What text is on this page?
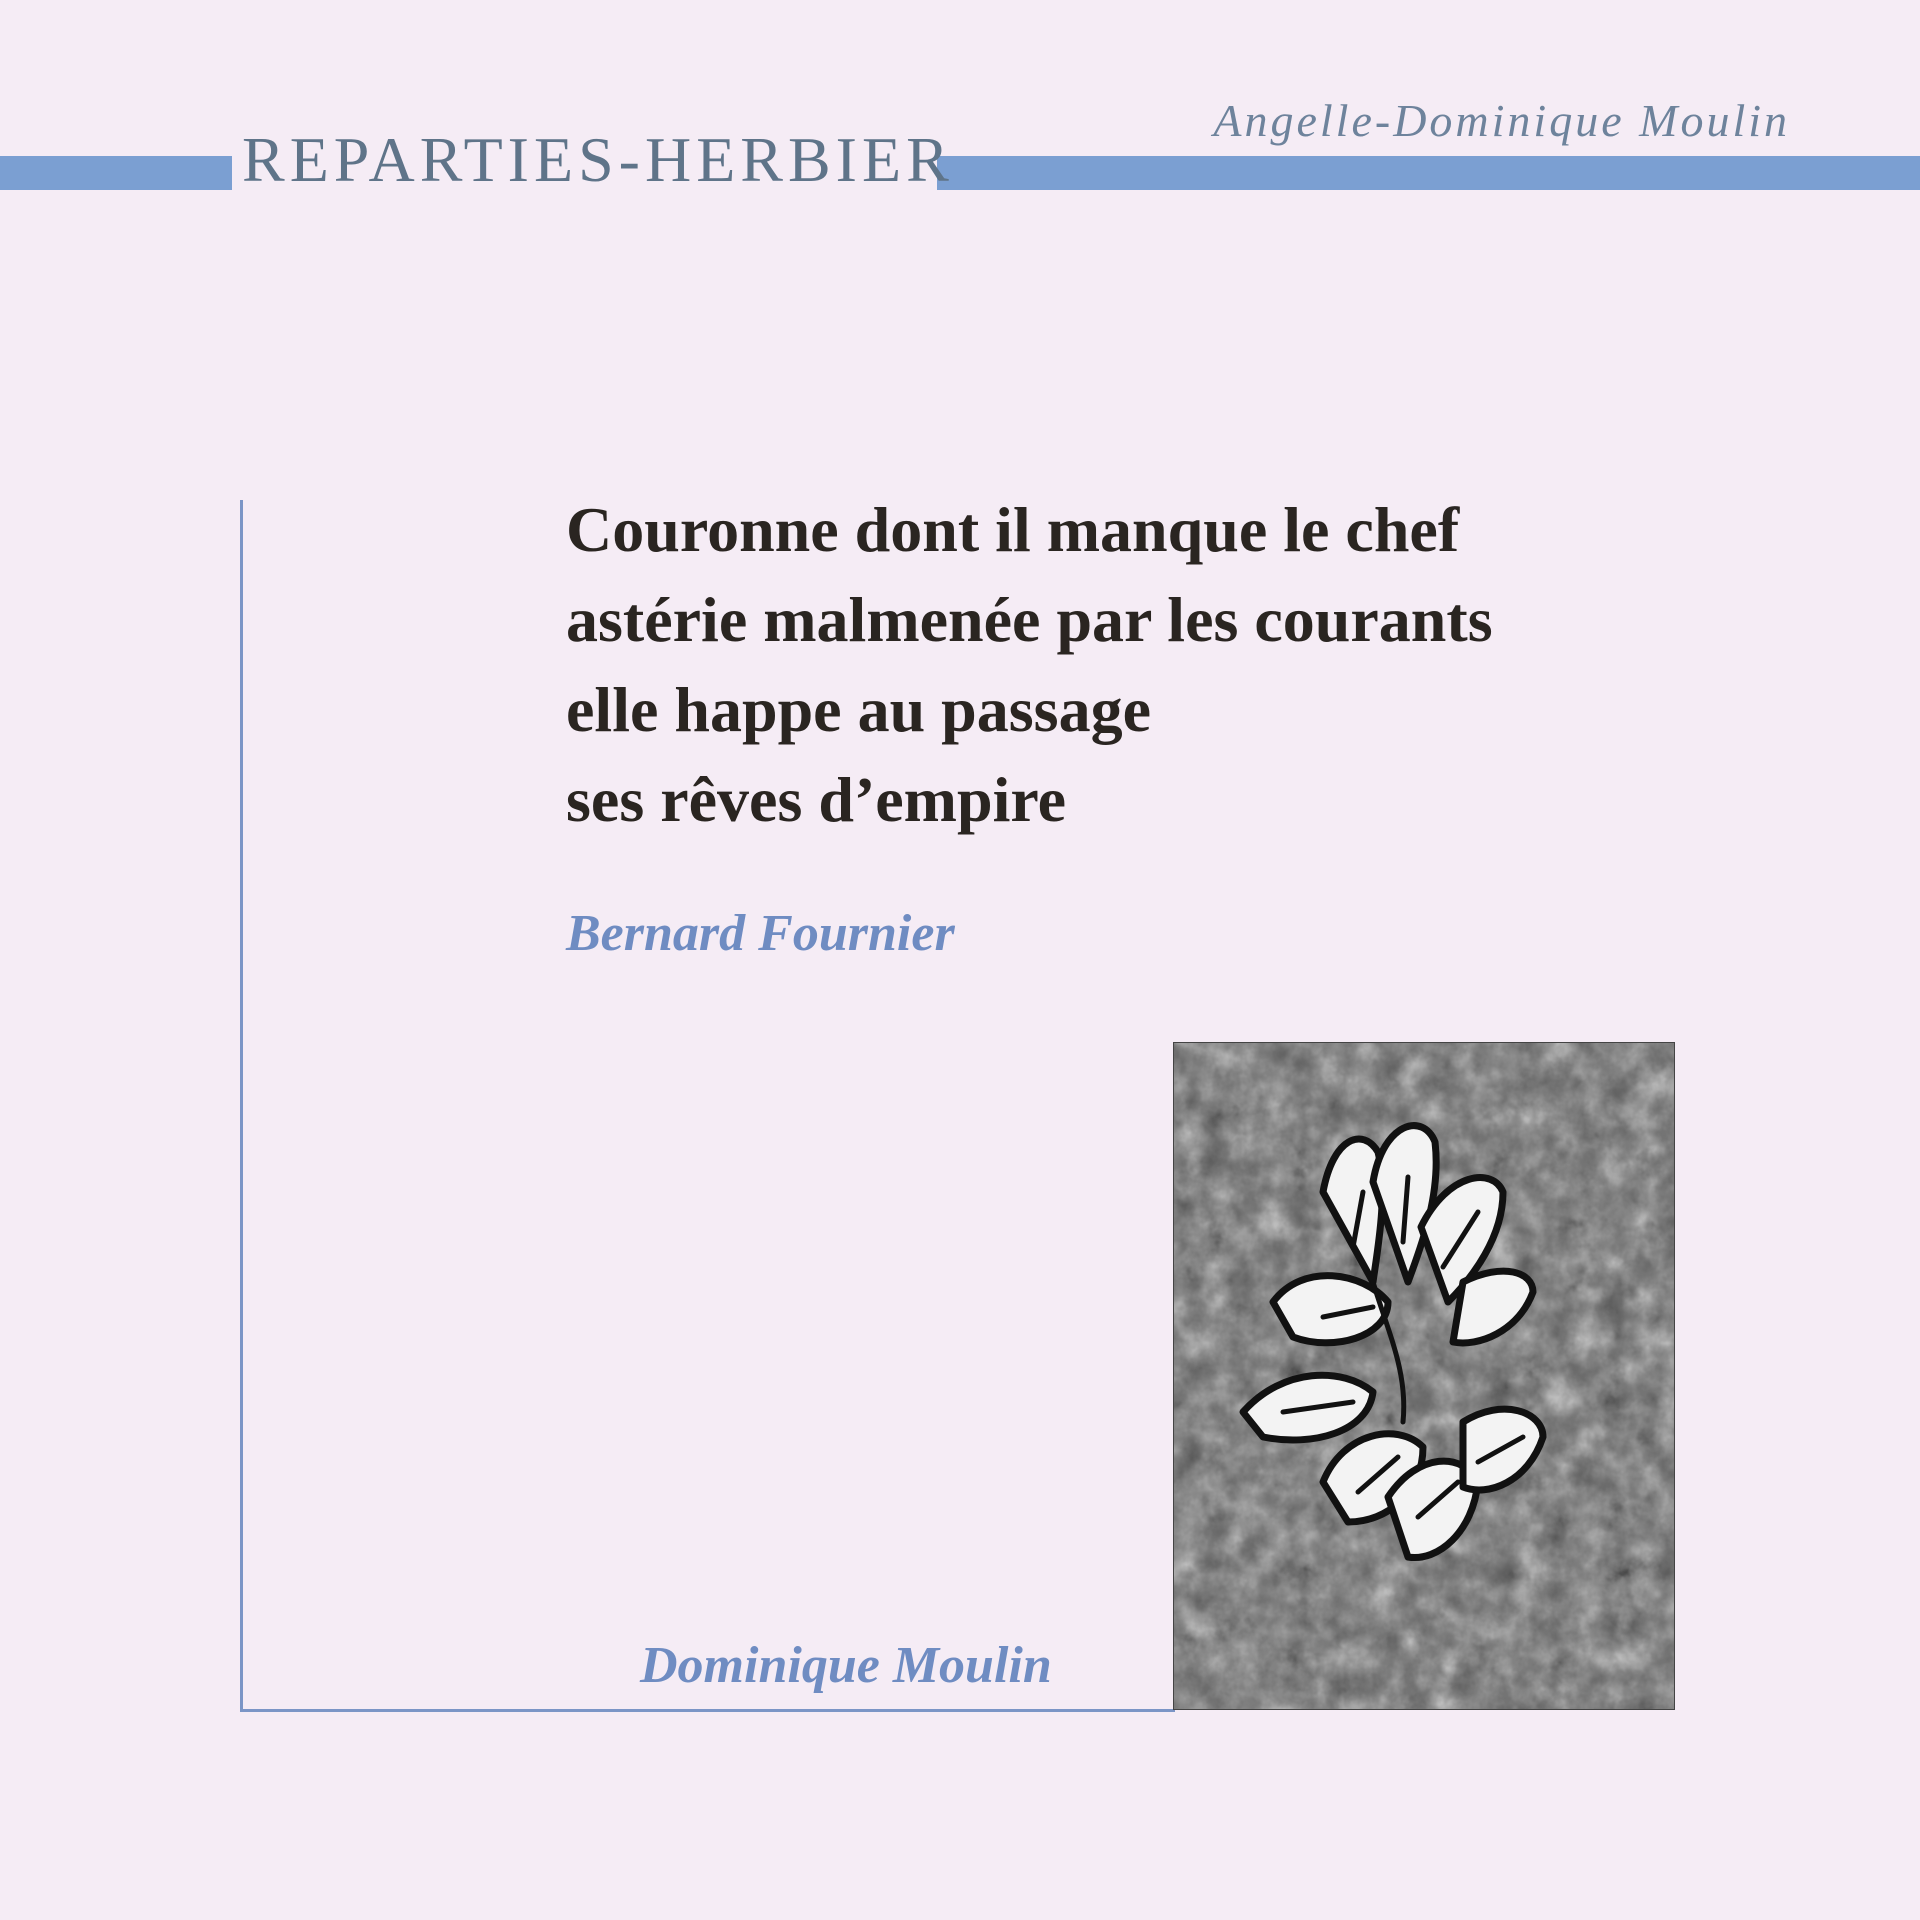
REPARTIES-HERBIER
Angelle-Dominique Moulin
Couronne dont il manque le chef
astérie malmenée par les courants
elle happe au passage
ses rêves d’empire
Bernard Fournier
Dominique Moulin
